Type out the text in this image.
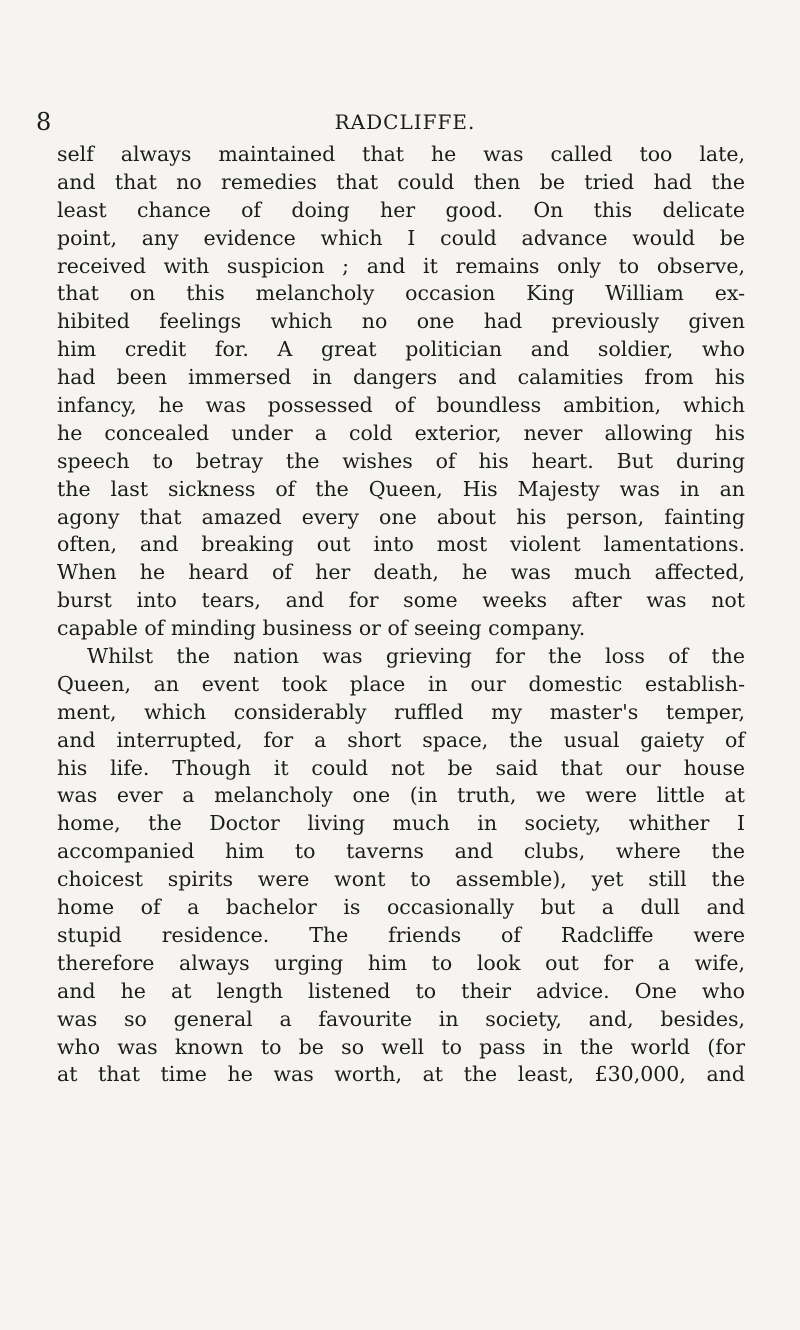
8	RADCLIFFE.
self always maintained that he was called too late,
and that no remedies that could then be tried had the
least chance of doing her good. On this delicate
point, any evidence which I could advance would be
received with suspicion ; and it remains only to observe,
that on this melancholy occasion King William ex-
hibited feelings which no one had previously given
him credit for. A great politician and soldier, who
had been immersed in dangers and calamities from his
infancy, he was possessed of boundless ambition, which
he concealed under a cold exterior, never allowing his
speech to betray the wishes of his heart. But during
the last sickness of the Queen, His Majesty was in an
agony that amazed every one about his person, fainting
often, and breaking out into most violent lamentations.
When he heard of her death, he was much affected,
burst into tears, and for some weeks after was not
capable of minding business or of seeing company.
Whilst the nation was grieving for the loss of the
Queen, an event took place in our domestic establish-
ment, which considerably ruffled my master's temper,
and interrupted, for a short space, the usual gaiety of
his life. Though it could not be said that our house
was ever a melancholy one (in truth, we were little at
home, the Doctor living much in society, whither I
accompanied him to taverns and clubs, where the
choicest spirits were wont to assemble), yet still the
home of a bachelor is occasionally but a dull and
stupid residence. The friends of Radcliffe were
therefore always urging him to look out for a wife,
and he at length listened to their advice. One who
was so general a favourite in society, and, besides,
who was known to be so well to pass in the world (for
at that time he was worth, at the least, £30,000, and
